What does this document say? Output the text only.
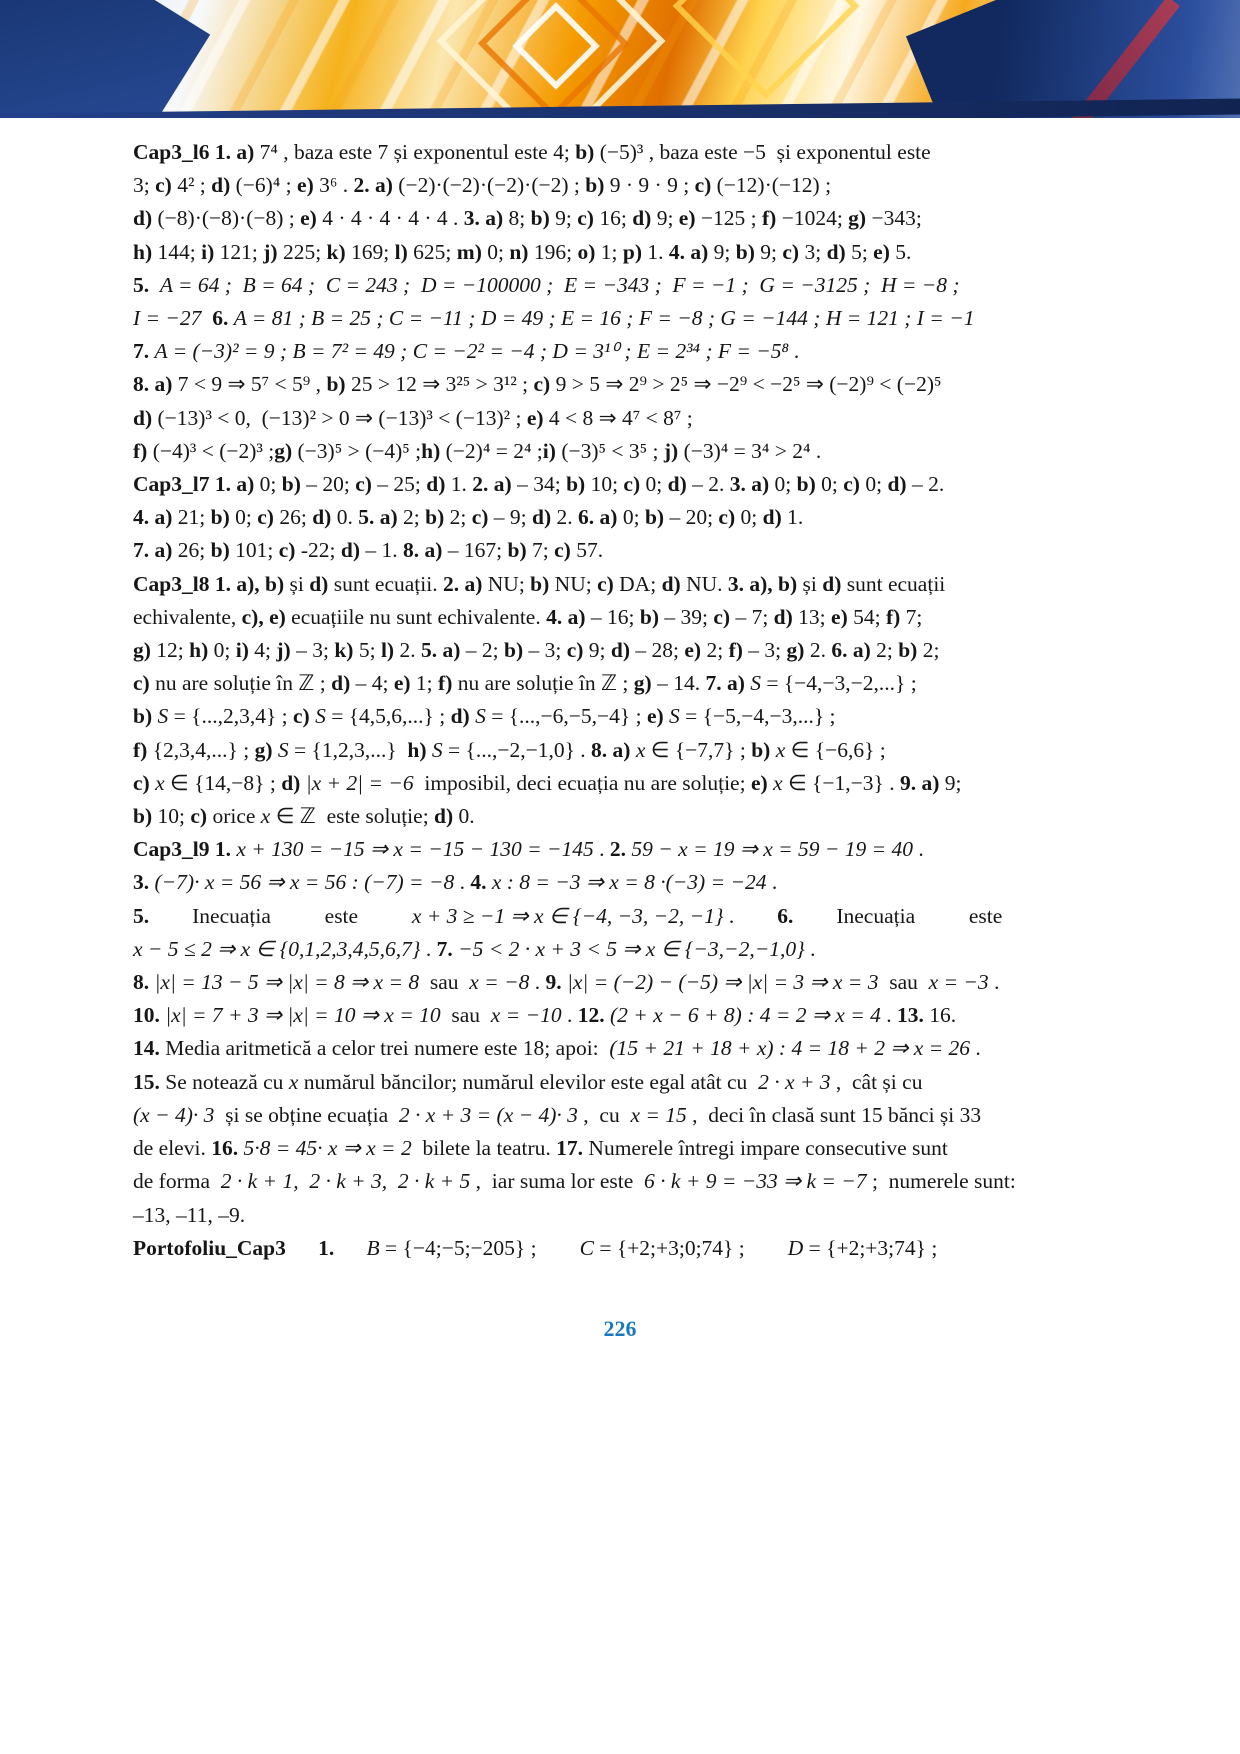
Cap3_l6 1. a) 7⁴ , baza este 7 și exponentul este 4; b) (−5)³ , baza este −5  și exponentul este
3; c) 4² ; d) (−6)⁴ ; e) 3⁶ . 2. a) (−2)·(−2)·(−2)·(−2) ; b) 9 · 9 · 9 ; c) (−12)·(−12) ;
d) (−8)·(−8)·(−8) ; e) 4 · 4 · 4 · 4 · 4 . 3. a) 8; b) 9; c) 16; d) 9; e) −125 ; f) −1024; g) −343;
h) 144; i) 121; j) 225; k) 169; l) 625; m) 0; n) 196; o) 1; p) 1. 4. a) 9; b) 9; c) 3; d) 5; e) 5.
5.  A = 64 ;  B = 64 ;  C = 243 ;  D = −100000 ;  E = −343 ;  F = −1 ;  G = −3125 ;  H = −8 ;
I = −27  6. A = 81 ; B = 25 ; C = −11 ; D = 49 ; E = 16 ; F = −8 ; G = −144 ; H = 121 ; I = −1
7. A = (−3)² = 9 ; B = 7² = 49 ; C = −2² = −4 ; D = 3¹⁰ ; E = 2³⁴ ; F = −5⁸ .
8. a) 7 < 9 ⇒ 5⁷ < 5⁹ , b) 25 > 12 ⇒ 3²⁵ > 3¹² ; c) 9 > 5 ⇒ 2⁹ > 2⁵ ⇒ −2⁹ < −2⁵ ⇒ (−2)⁹ < (−2)⁵
d) (−13)³ < 0,  (−13)² > 0 ⇒ (−13)³ < (−13)² ; e) 4 < 8 ⇒ 4⁷ < 8⁷ ;
f) (−4)³ < (−2)³ ;g) (−3)⁵ > (−4)⁵ ;h) (−2)⁴ = 2⁴ ;i) (−3)⁵ < 3⁵ ; j) (−3)⁴ = 3⁴ > 2⁴ .
Cap3_l7 1. a) 0; b) – 20; c) – 25; d) 1. 2. a) – 34; b) 10; c) 0; d) – 2. 3. a) 0; b) 0; c) 0; d) – 2.
4. a) 21; b) 0; c) 26; d) 0. 5. a) 2; b) 2; c) – 9; d) 2. 6. a) 0; b) – 20; c) 0; d) 1.
7. a) 26; b) 101; c) -22; d) – 1. 8. a) – 167; b) 7; c) 57.
Cap3_l8 1. a), b) și d) sunt ecuații. 2. a) NU; b) NU; c) DA; d) NU. 3. a), b) și d) sunt ecuații
echivalente, c), e) ecuațiile nu sunt echivalente. 4. a) – 16; b) – 39; c) – 7; d) 13; e) 54; f) 7;
g) 12; h) 0; i) 4; j) – 3; k) 5; l) 2. 5. a) – 2; b) – 3; c) 9; d) – 28; e) 2; f) – 3; g) 2. 6. a) 2; b) 2;
c) nu are soluție în ℤ ; d) – 4; e) 1; f) nu are soluție în ℤ ; g) – 14. 7. a) S = {−4,−3,−2,...} ;
b) S = {...,2,3,4} ; c) S = {4,5,6,...} ; d) S = {...,−6,−5,−4} ; e) S = {−5,−4,−3,...} ;
f) {2,3,4,...} ; g) S = {1,2,3,...}  h) S = {...,−2,−1,0} . 8. a) x ∈ {−7,7} ; b) x ∈ {−6,6} ;
c) x ∈ {14,−8} ; d) |x + 2| = −6  imposibil, deci ecuația nu are soluție; e) x ∈ {−1,−3} . 9. a) 9;
b) 10; c) orice x ∈ ℤ  este soluție; d) 0.
Cap3_l9 1. x + 130 = −15 ⇒ x = −15 − 130 = −145 . 2. 59 − x = 19 ⇒ x = 59 − 19 = 40 .
3. (−7)· x = 56 ⇒ x = 56 : (−7) = −8 . 4. x : 8 = −3 ⇒ x = 8 ·(−3) = −24 .
5.        Inecuația          este          x + 3 ≥ −1 ⇒ x ∈ {−4, −3, −2, −1} .        6.        Inecuația          este
x − 5 ≤ 2 ⇒ x ∈ {0,1,2,3,4,5,6,7} . 7. −5 < 2 · x + 3 < 5 ⇒ x ∈ {−3,−2,−1,0} .
8. |x| = 13 − 5 ⇒ |x| = 8 ⇒ x = 8  sau  x = −8 . 9. |x| = (−2) − (−5) ⇒ |x| = 3 ⇒ x = 3  sau  x = −3 .
10. |x| = 7 + 3 ⇒ |x| = 10 ⇒ x = 10  sau  x = −10 . 12. (2 + x − 6 + 8) : 4 = 2 ⇒ x = 4 . 13. 16.
14. Media aritmetică a celor trei numere este 18; apoi:  (15 + 21 + 18 + x) : 4 = 18 + 2 ⇒ x = 26 .
15. Se notează cu x numărul băncilor; numărul elevilor este egal atât cu  2 · x + 3 ,  cât și cu
(x − 4)· 3  și se obține ecuația  2 · x + 3 = (x − 4)· 3 ,  cu  x = 15 ,  deci în clasă sunt 15 bănci și 33
de elevi. 16. 5·8 = 45· x ⇒ x = 2  bilete la teatru. 17. Numerele întregi impare consecutive sunt
de forma  2 · k + 1,  2 · k + 3,  2 · k + 5 ,  iar suma lor este  6 · k + 9 = −33 ⇒ k = −7 ;  numerele sunt:
–13, –11, –9.
Portofoliu_Cap3      1.      B = {−4;−5;−205} ;        C = {+2;+3;0;74} ;        D = {+2;+3;74} ;
226
